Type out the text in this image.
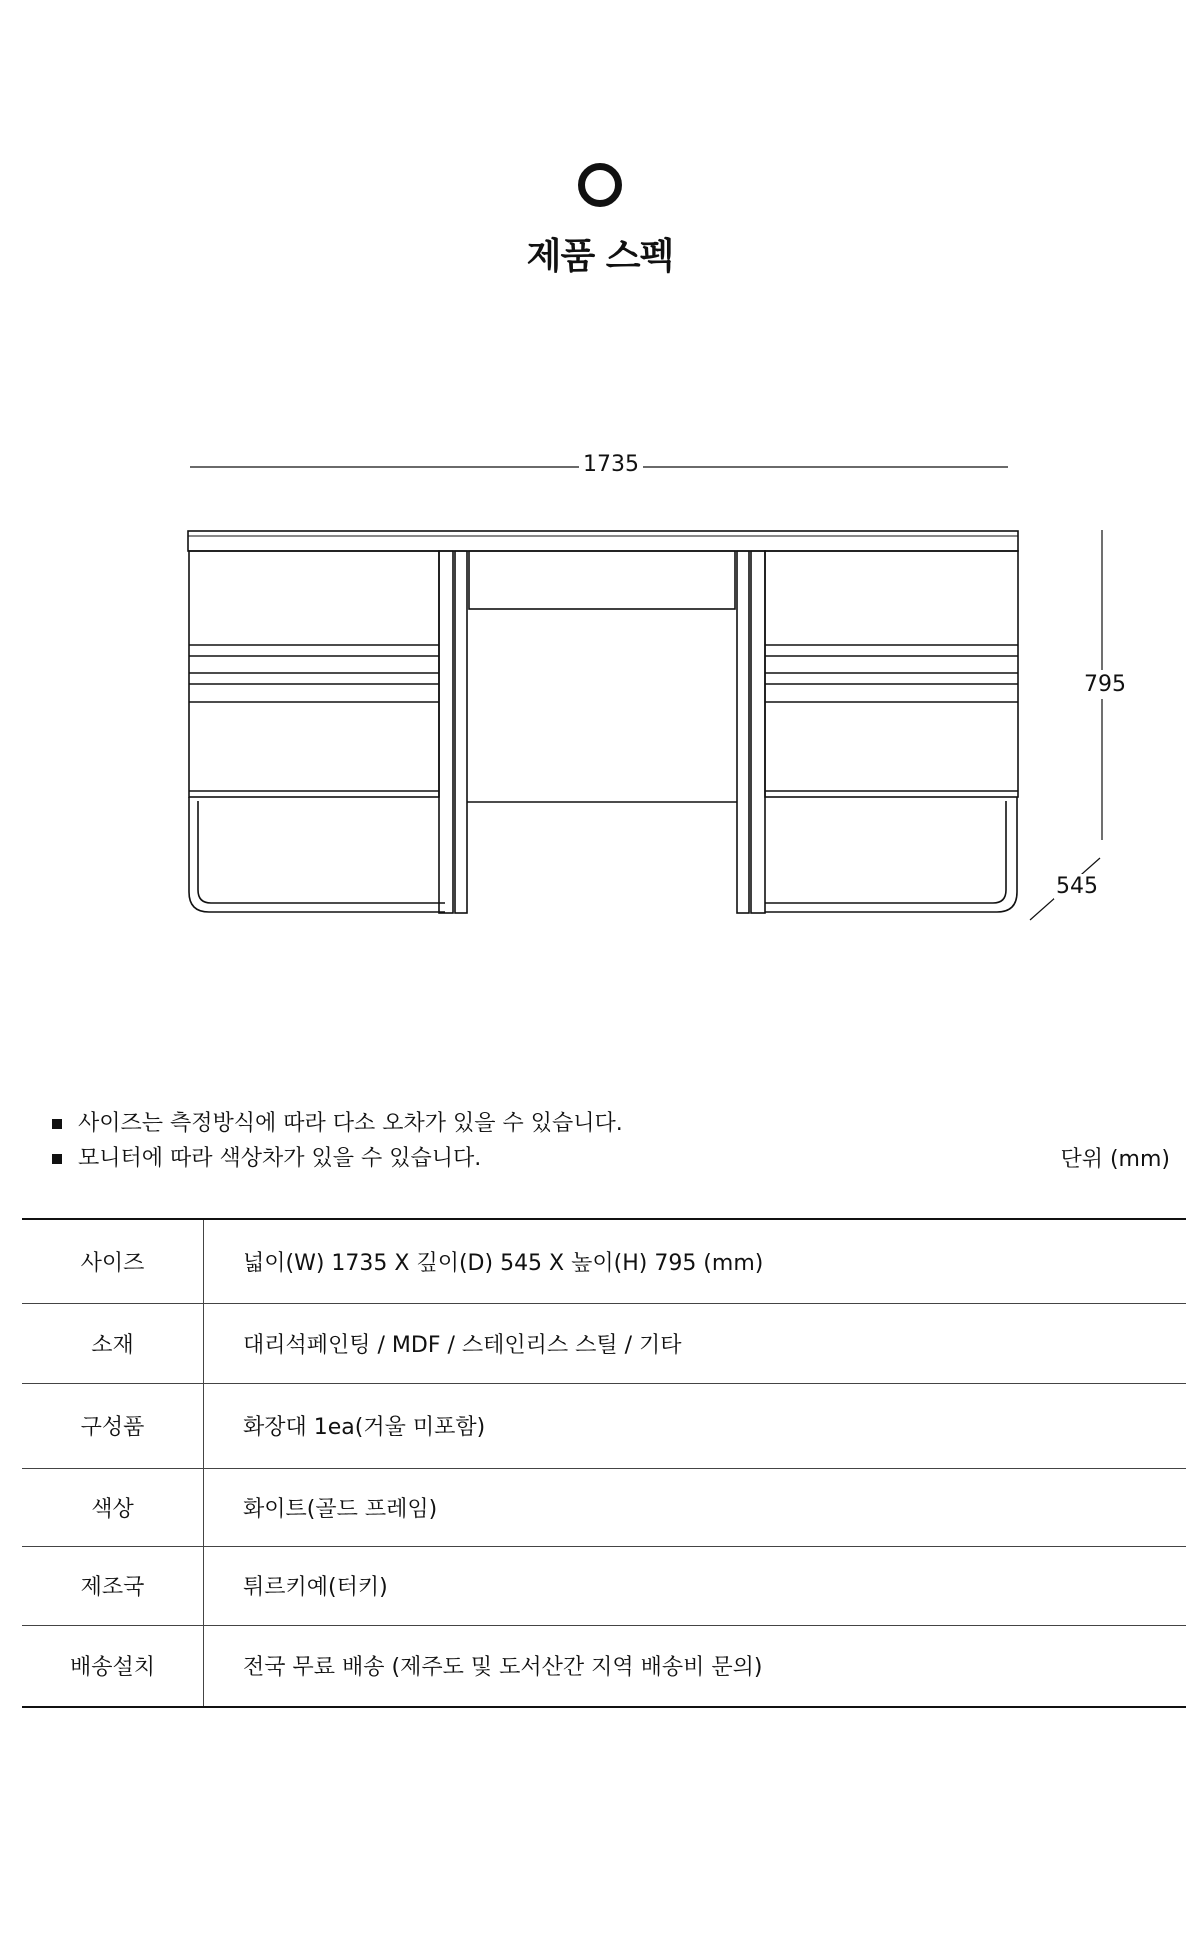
제품 스펙
1735
795
545
사이즈는 측정방식에 따라 다소 오차가 있을 수 있습니다.
모니터에 따라 색상차가 있을 수 있습니다.	단위 (mm)
사이즈	넓이(W) 1735 X 깊이(D) 545 X 높이(H) 795 (mm)
소재	대리석페인팅 / MDF / 스테인리스 스틸 / 기타
구성품	화장대 1ea(거울 미포함)
색상	화이트(골드 프레임)
제조국	튀르키예(터키)
배송설치	전국 무료 배송 (제주도 및 도서산간 지역 배송비 문의)
